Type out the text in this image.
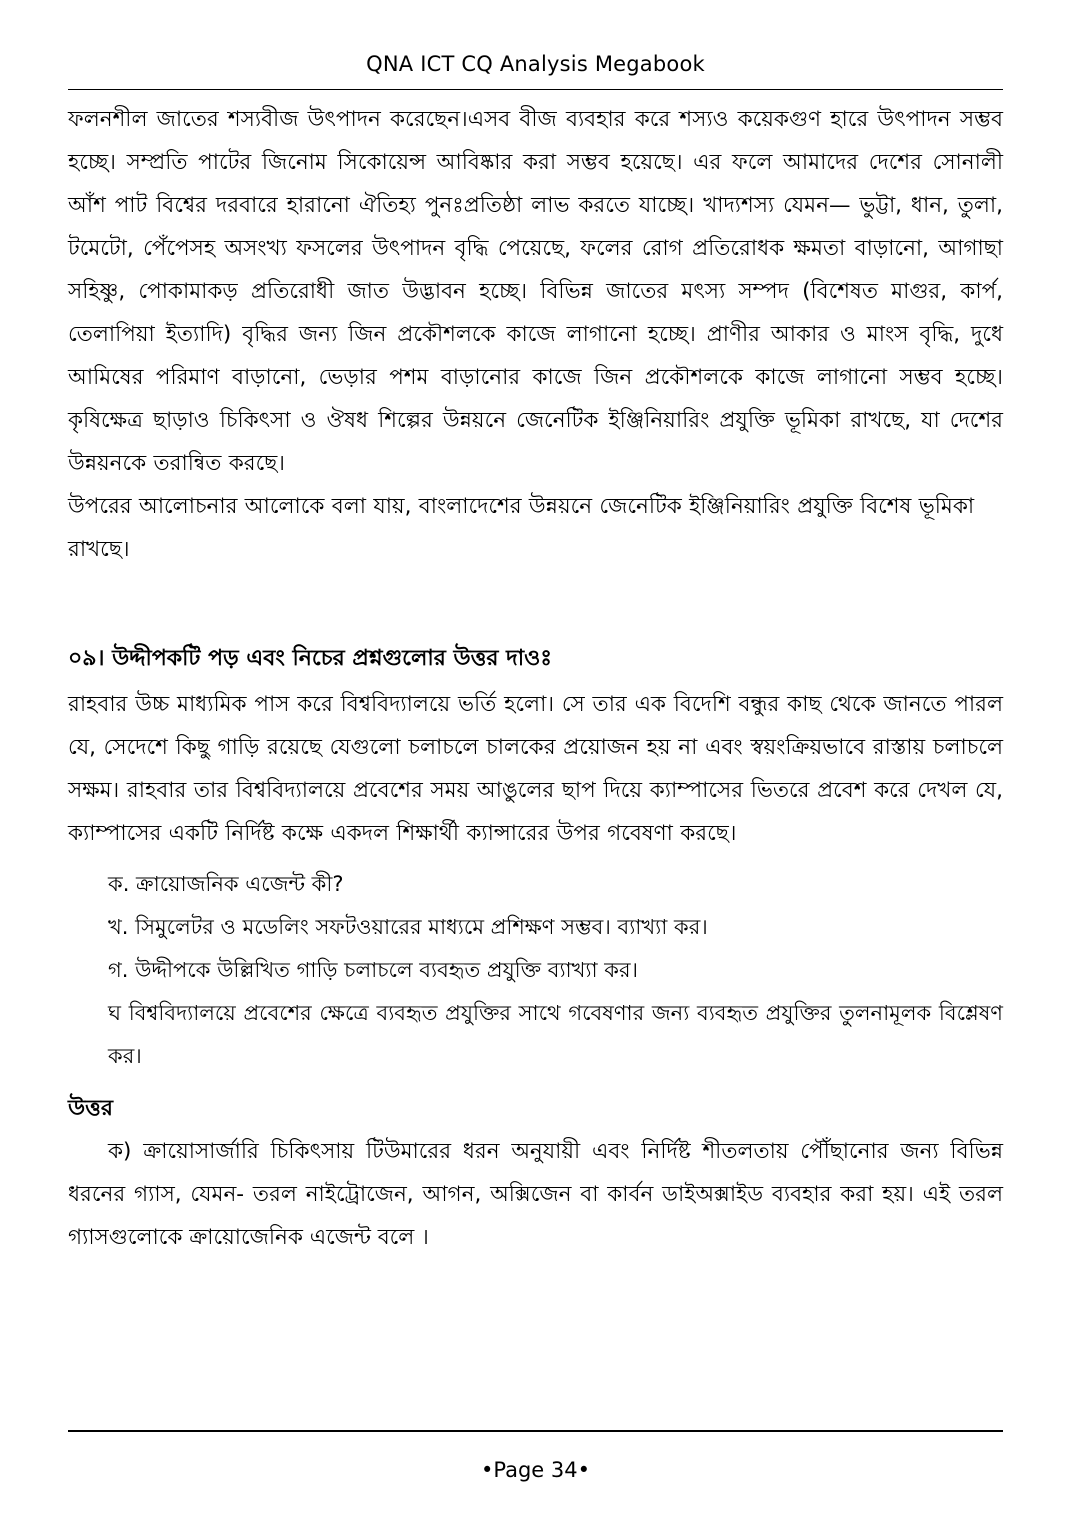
QNA ICT CQ Analysis Megabook

ফলনশীল জাতের শস্যবীজ উৎপাদন করেছেন।এসব বীজ ব্যবহার করে শস্যও কয়েকগুণ হারে উৎপাদন সম্ভব হচ্ছে। সম্প্রতি পাটের জিনোম সিকোয়েন্স আবিষ্কার করা সম্ভব হয়েছে। এর ফলে আমাদের দেশের সোনালী আঁশ পাট বিশ্বের দরবারে হারানো ঐতিহ্য পুনঃপ্রতিষ্ঠা লাভ করতে যাচ্ছে। খাদ্যশস্য যেমন— ভুট্টা, ধান, তুলা, টমেটো, পেঁপেসহ অসংখ্য ফসলের উৎপাদন বৃদ্ধি পেয়েছে, ফলের রোগ প্রতিরোধক ক্ষমতা বাড়ানো, আগাছা সহিষ্ণু, পোকামাকড় প্রতিরোধী জাত উদ্ভাবন হচ্ছে। বিভিন্ন জাতের মৎস্য সম্পদ (বিশেষত মাগুর, কার্প, তেলাপিয়া ইত্যাদি) বৃদ্ধির জন্য জিন প্রকৌশলকে কাজে লাগানো হচ্ছে। প্রাণীর আকার ও মাংস বৃদ্ধি, দুধে আমিষের পরিমাণ বাড়ানো, ভেড়ার পশম বাড়ানোর কাজে জিন প্রকৌশলকে কাজে লাগানো সম্ভব হচ্ছে। কৃষিক্ষেত্র ছাড়াও চিকিৎসা ও ঔষধ শিল্পের উন্নয়নে জেনেটিক ইঞ্জিনিয়ারিং প্রযুক্তি ভূমিকা রাখছে, যা দেশের উন্নয়নকে তরান্বিত করছে।

উপরের আলোচনার আলোকে বলা যায়, বাংলাদেশের উন্নয়নে জেনেটিক ইঞ্জিনিয়ারিং প্রযুক্তি বিশেষ ভূমিকা রাখছে।

০৯। উদ্দীপকটি পড় এবং নিচের প্রশ্নগুলোর উত্তর দাওঃ

রাহবার উচ্চ মাধ্যমিক পাস করে বিশ্ববিদ্যালয়ে ভর্তি হলো। সে তার এক বিদেশি বন্ধুর কাছ থেকে জানতে পারল যে, সেদেশে কিছু গাড়ি রয়েছে যেগুলো চলাচলে চালকের প্রয়োজন হয় না এবং স্বয়ংক্রিয়ভাবে রাস্তায় চলাচলে সক্ষম। রাহবার তার বিশ্ববিদ্যালয়ে প্রবেশের সময় আঙুলের ছাপ দিয়ে ক্যাম্পাসের ভিতরে প্রবেশ করে দেখল যে, ক্যাম্পাসের একটি নির্দিষ্ট কক্ষে একদল শিক্ষার্থী ক্যান্সারের উপর গবেষণা করছে।

ক. ক্রায়োজনিক এজেন্ট কী?
খ. সিমুলেটর ও মডেলিং সফটওয়ারের মাধ্যমে প্রশিক্ষণ সম্ভব। ব্যাখ্যা কর।
গ. উদ্দীপকে উল্লিখিত গাড়ি চলাচলে ব্যবহৃত প্রযুক্তি ব্যাখ্যা কর।
ঘ বিশ্ববিদ্যালয়ে প্রবেশের ক্ষেত্রে ব্যবহৃত প্রযুক্তির সাথে গবেষণার জন্য ব্যবহৃত প্রযুক্তির তুলনামূলক বিশ্লেষণ কর।
উত্তর

ক) ক্রায়োসার্জারি চিকিৎসায় টিউমারের ধরন অনুযায়ী এবং নির্দিষ্ট শীতলতায় পৌঁছানোর জন্য বিভিন্ন ধরনের গ্যাস, যেমন- তরল নাইট্রোজেন, আগন, অক্সিজেন বা কার্বন ডাইঅক্সাইড ব্যবহার করা হয়। এই তরল গ্যাসগুলোকে ক্রায়োজেনিক এজেন্ট বলে ।

•Page 34•
